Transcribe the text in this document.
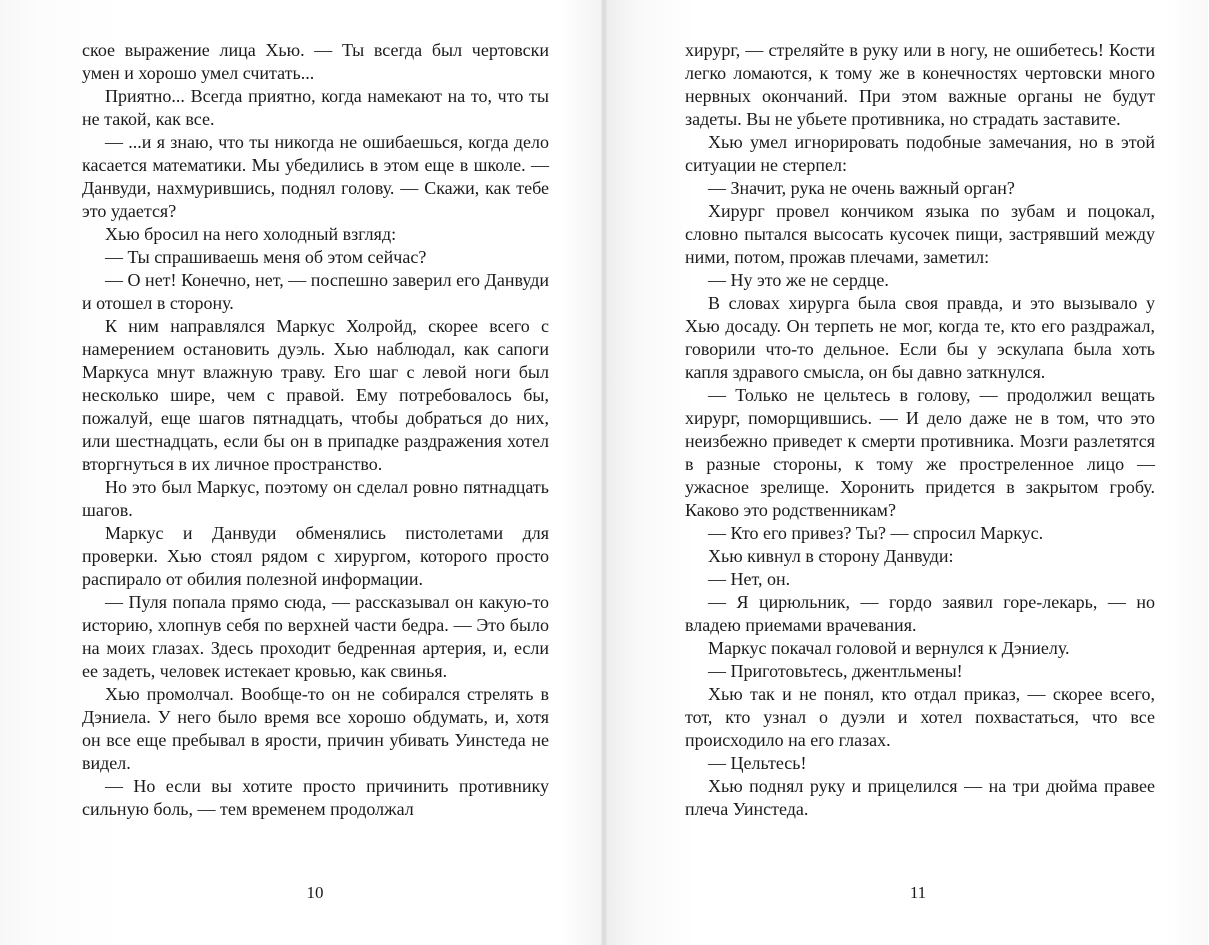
ское выражение лица Хью. — Ты всегда был чертовски умен и хорошо умел считать...

Приятно... Всегда приятно, когда намекают на то, что ты не такой, как все.

— ...и я знаю, что ты никогда не ошибаешься, когда дело касается математики. Мы убедились в этом еще в школе. — Данвуди, нахмурившись, поднял голову. — Скажи, как тебе это удается?

Хью бросил на него холодный взгляд:

— Ты спрашиваешь меня об этом сейчас?

— О нет! Конечно, нет, — поспешно заверил его Данвуди и отошел в сторону.

К ним направлялся Маркус Холройд, скорее всего с намерением остановить дуэль. Хью наблюдал, как сапоги Маркуса мнут влажную траву. Его шаг с левой ноги был несколько шире, чем с правой. Ему потребовалось бы, пожалуй, еще шагов пятнадцать, чтобы добраться до них, или шестнадцать, если бы он в припадке раздражения хотел вторгнуться в их личное пространство.

Но это был Маркус, поэтому он сделал ровно пятнадцать шагов.

Маркус и Данвуди обменялись пистолетами для проверки. Хью стоял рядом с хирургом, которого просто распирало от обилия полезной информации.

— Пуля попала прямо сюда, — рассказывал он какую-то историю, хлопнув себя по верхней части бедра. — Это было на моих глазах. Здесь проходит бедренная артерия, и, если ее задеть, человек истекает кровью, как свинья.

Хью промолчал. Вообще-то он не собирался стрелять в Дэниела. У него было время все хорошо обдумать, и, хотя он все еще пребывал в ярости, причин убивать Уинстеда не видел.

— Но если вы хотите просто причинить противнику сильную боль, — тем временем продолжал

10

хирург, — стреляйте в руку или в ногу, не ошибетесь! Кости легко ломаются, к тому же в конечностях чертовски много нервных окончаний. При этом важные органы не будут задеты. Вы не убьете противника, но страдать заставите.

Хью умел игнорировать подобные замечания, но в этой ситуации не стерпел:

— Значит, рука не очень важный орган?

Хирург провел кончиком языка по зубам и поцокал, словно пытался высосать кусочек пищи, застрявший между ними, потом, прожав плечами, заметил:

— Ну это же не сердце.

В словах хирурга была своя правда, и это вызывало у Хью досаду. Он терпеть не мог, когда те, кто его раздражал, говорили что-то дельное. Если бы у эскулапа была хоть капля здравого смысла, он бы давно заткнулся.

— Только не цельтесь в голову, — продолжил вещать хирург, поморщившись. — И дело даже не в том, что это неизбежно приведет к смерти противника. Мозги разлетятся в разные стороны, к тому же простреленное лицо — ужасное зрелище. Хоронить придется в закрытом гробу. Каково это родственникам?

— Кто его привез? Ты? — спросил Маркус.

Хью кивнул в сторону Данвуди:

— Нет, он.

— Я цирюльник, — гордо заявил горе-лекарь, — но владею приемами врачевания.

Маркус покачал головой и вернулся к Дэниелу.

— Приготовьтесь, джентльмены!

Хью так и не понял, кто отдал приказ, — скорее всего, тот, кто узнал о дуэли и хотел похвастаться, что все происходило на его глазах.

— Цельтесь!

Хью поднял руку и прицелился — на три дюйма правее плеча Уинстеда.

11
